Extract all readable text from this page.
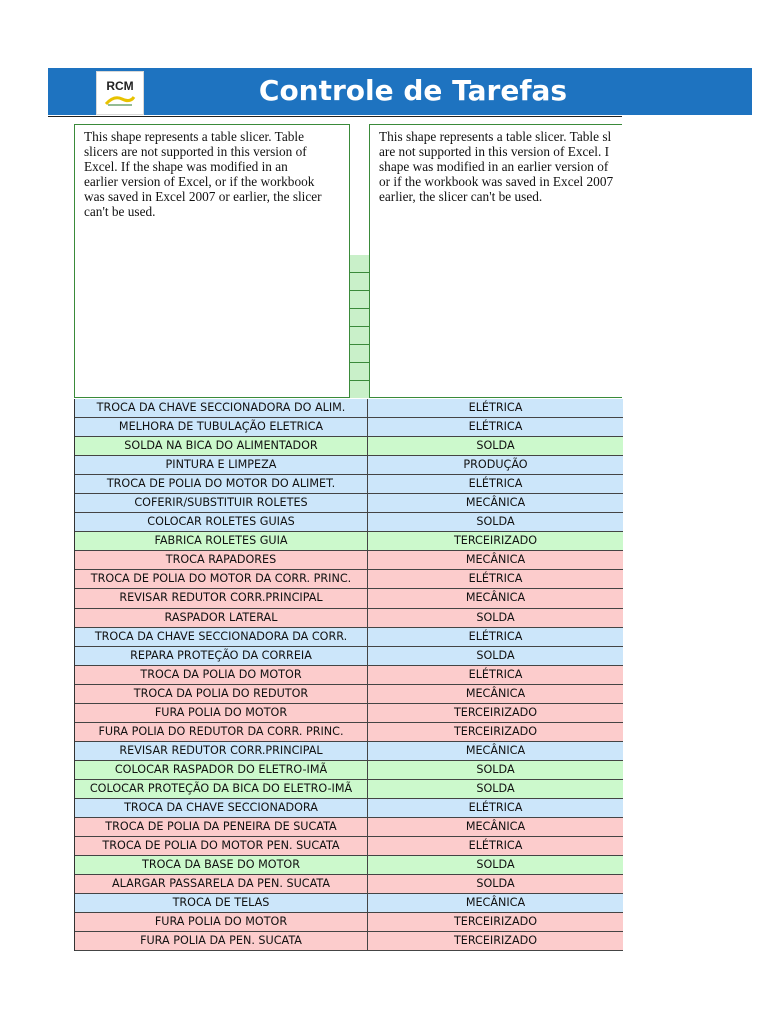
RCM	Controle de Tarefas
This shape represents a table slicer. Table
slicers are not supported in this version of
Excel. If the shape was modified in an
earlier version of Excel, or if the workbook
was saved in Excel 2007 or earlier, the slicer
can't be used.
This shape represents a table slicer. Table sl
are not supported in this version of Excel. I
shape was modified in an earlier version of
or if the workbook was saved in Excel 2007
earlier, the slicer can't be used.
TROCA DA CHAVE SECCIONADORA DO ALIM.	ELÉTRICA
MELHORA DE TUBULAÇÃO ELETRICA	ELÉTRICA
SOLDA NA BICA DO ALIMENTADOR	SOLDA
PINTURA E LIMPEZA	PRODUÇÃO
TROCA DE POLIA DO MOTOR DO ALIMET.	ELÉTRICA
COFERIR/SUBSTITUIR ROLETES	MECÂNICA
COLOCAR ROLETES GUIAS	SOLDA
FABRICA ROLETES GUIA	TERCEIRIZADO
TROCA RAPADORES	MECÂNICA
TROCA DE POLIA DO MOTOR DA CORR. PRINC.	ELÉTRICA
REVISAR REDUTOR CORR.PRINCIPAL	MECÂNICA
RASPADOR LATERAL	SOLDA
TROCA DA CHAVE SECCIONADORA DA CORR.	ELÉTRICA
REPARA PROTEÇÃO DA CORREIA	SOLDA
TROCA DA POLIA DO MOTOR	ELÉTRICA
TROCA DA POLIA DO REDUTOR	MECÂNICA
FURA POLIA DO MOTOR	TERCEIRIZADO
FURA POLIA DO REDUTOR DA CORR. PRINC.	TERCEIRIZADO
REVISAR REDUTOR CORR.PRINCIPAL	MECÂNICA
COLOCAR RASPADOR DO ELETRO-IMÃ	SOLDA
COLOCAR PROTEÇÃO DA BICA DO ELETRO-IMÃ	SOLDA
TROCA DA CHAVE SECCIONADORA	ELÉTRICA
TROCA DE POLIA DA PENEIRA DE SUCATA	MECÂNICA
TROCA DE POLIA DO MOTOR PEN. SUCATA	ELÉTRICA
TROCA DA BASE DO MOTOR	SOLDA
ALARGAR PASSARELA DA PEN. SUCATA	SOLDA
TROCA DE TELAS	MECÂNICA
FURA POLIA DO MOTOR	TERCEIRIZADO
FURA POLIA DA PEN. SUCATA	TERCEIRIZADO
